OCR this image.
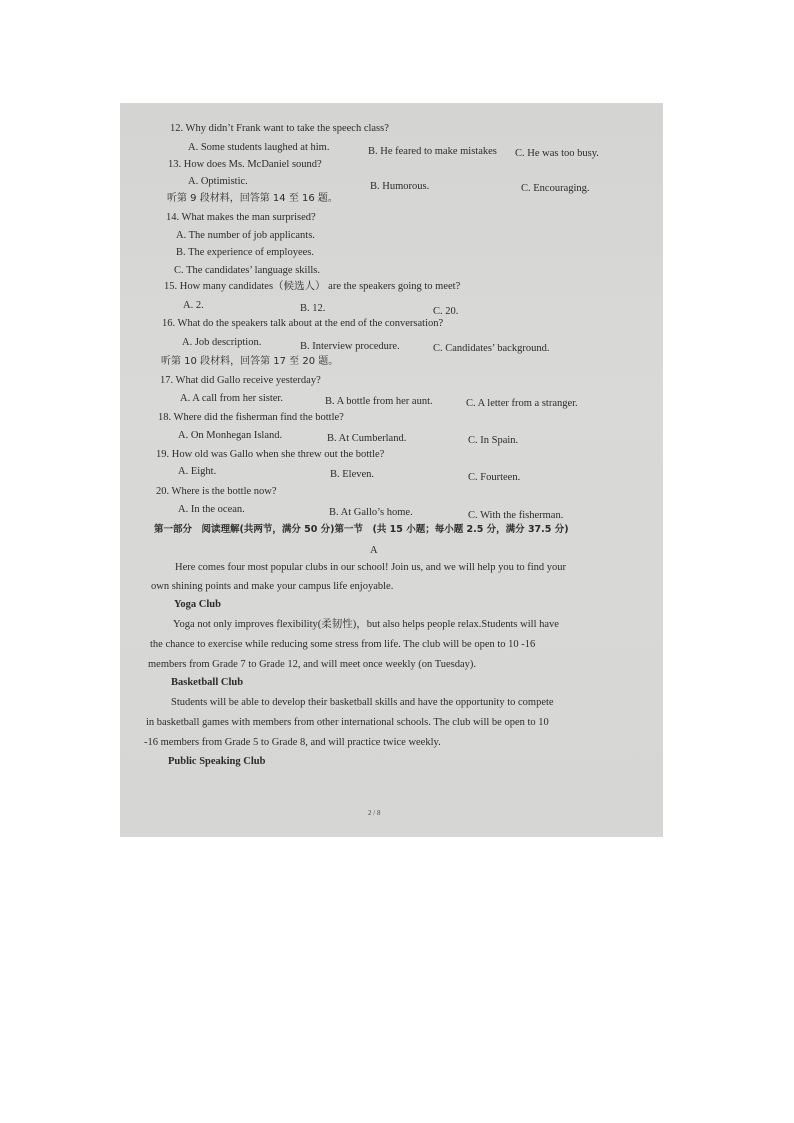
12. Why didn’t Frank want to take the speech class?
A. Some students laughed at him.	B. He feared to make mistakes C. He was too busy.
13. How does Ms. McDaniel sound?
A. Optimistic.	B. Humorous.	C. Encouraging.
听第 9 段材料，回答第 14 至 16 题。
14. What makes the man surprised?
A. The number of job applicants.
B. The experience of employees.
C. The candidates’ language skills.
15. How many candidates（候选人） are the speakers going to meet?
A. 2.	B. 12.	C. 20.
16. What do the speakers talk about at the end of the conversation?
A. Job description.	B. Interview procedure.	C. Candidates’ background.
听第 10 段材料，回答第 17 至 20 题。
17. What did Gallo receive yesterday?
A. A call from her sister.	B. A bottle from her aunt.	C. A letter from a stranger.
18. Where did the fisherman find the bottle?
A. On Monhegan Island.	B. At Cumberland.	C. In Spain.
19. How old was Gallo when she threw out the bottle?
A. Eight.	B. Eleven.	C. Fourteen.
20. Where is the bottle now?
A. In the ocean.	B. At Gallo’s home.	C. With the fisherman.
第一部分　阅读理解(共两节，满分 50 分)第一节　(共 15 小题；每小题 2.5 分，满分 37.5 分)
A
Here comes four most popular clubs in our school! Join us, and we will help you to find your
own shining points and make your campus life enjoyable.
Yoga Club
Yoga not only improves flexibility(柔韧性)，but also helps people relax.Students will have
the chance to exercise while reducing some stress from life. The club will be open to 10 -16
members from Grade 7 to Grade 12, and will meet once weekly (on Tuesday).
Basketball Club
Students will be able to develop their basketball skills and have the opportunity to compete
in basketball games with members from other international schools. The club will be open to 10
-16 members from Grade 5 to Grade 8, and will practice twice weekly.
Public Speaking Club
2 / 8
